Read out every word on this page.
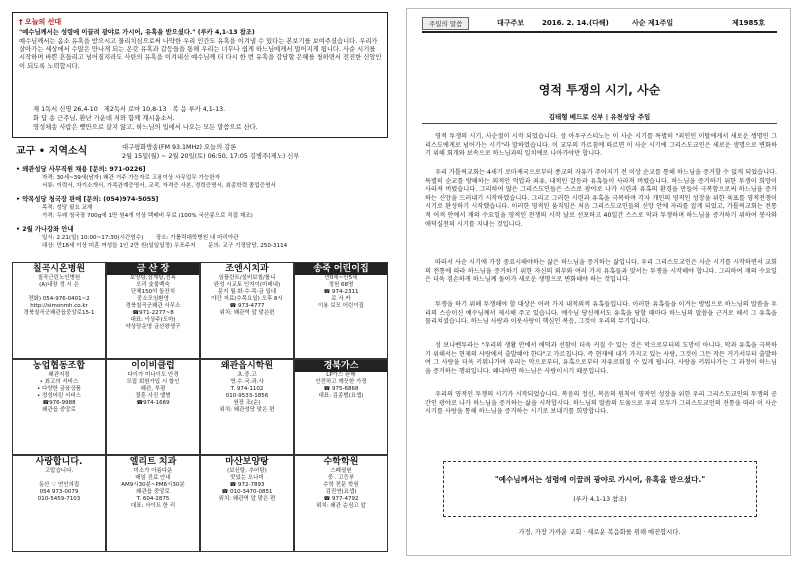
† 오늘의 선대
"예수님께서는 성령에 이끌려 광야로 가시어, 유혹을 받으셨다." (루카 4,1-13 참조)
예수님께서는 옴소 유혹을 받으시고 물리치심으로써 나약한 우리 인간도 유혹을 이겨낼 수 있다는 본보기를 보여주셨습니다. 우리가 살아가는 세상에서 수많은 만나게 되는 온갖 유혹과 갈등들을 통해 우리는 너무나 쉽게 하느님에게서 멀어지게 됩니다. 사순 시기를 시작하며 바쁜 흔들리고 넘어질지라도 사탄의 유혹을 이겨내신 예수님께 더 다시 한 번 유혹을 감당할 은혜를 청하면서 전진한 신앙인이 되도록 노력합시다.
제 1독서 신명 26,4-10   제2독서 로마 10,8-13   복 음 루카 4,1-13.
화 답 송 근주님, 환난 가운데 저와 함께 계시옵소서.
영성체송 사람은 빵만으로 살지 않고, 하느님의 입에서 나오는 모든 말씀으로 산다.
교구 • 지역소식	대구평화방송(FM 93.1MHz) 오늘의 강론
2월 15일(월) ~ 2월 20일(토) 06:50, 17:05 김병주(제노) 신부
• 왜관성당 사무직원 채용 [문의: 971-0226]
자격: 30세~39세(남자) 왜관 거주 가능자로 고용이상 사무업무 가능한자
서류: 이력서, 자기소개서, 가족관계증명서, 교적, 자격증 사본, 경력증명서, 최종학력 졸업증명서
• 약목성당 청국장 판매 [문의: (054)974-5055]
목적: 성당 필요 교재
가격: 두레 청국장 700g에 1만 원4개 이상 택배비 무료 (100% 국산콩으로 직접 제조)
• 2월 가나강좌 안내
일시: 2.21(일) 10:00~17:30(시간엄수)       장소: 가톨릭대학병원 내 마리아관
대상: 만18세 이상 미혼 여성들 1인 2만 원(일일일정) 우포주저       문의: 교구 기정담당, 250-3114
칠곡시온병원
칠곡근린노인병원
(A)내장 정 시 은

전화) 054-976-0401~2
http://simonmh.co.kr
경북칠곡군왜관읍중앙로15-1
금 산 장
보양탕,삼계탕,전복
오리 숯불백숙
단체150석 돌잔치
중소모임환영
경북칠곡군왜관 사무소
☎971-2277~8
대표: 이상주(도마)
약상당운영 금산왕생구
조엔시치과
임플란트/설비보철/틀니
완성 시교토 인지이(미래내)
문지 월·화·수·목·금 일대
야간 저료(수목요일) 오후 8시
☎ 973-4777
위치: 왜관역 앞 맞은편
송죽 어린이집
만0세~만5세
정원 68명
☎ 974-2311
로 사 카
이용 보모 어린이집
농업협동조합
왜관지점
• 최고의 서비스
• 다양한 금융상품
• 정성어린 서비스
☎976-9988
왜관읍 중앙로
이이비클럽
다이가 미나이도 안경
모집 회원가입 시 할인
왜관, 부평
결혼 사진 앨범
☎974-1669
왜관읍시학원
초.중.고
영.수.국.과.사
T. 974-1102
010-9533-1856
원장 조(순)
위치: 왜관성당 맞은 편
경북가스
LP가스 판매
안전하고 깨끗한 가정
☎ 975-6868
대표: 김종범(요셉)
사랑합니다.
고맙습니다.

동산 ♡ 연인의집
054 973-0079
010-5459-7103
엘리트 치과
미소가 아름다운
매일 진료 안내
AM9시30분~PM6시30분
왜관읍 중앙로
T. 604-2875
대표: 사이트 한 리
마산보양탕
(보신탕, 추어탕)
맛있는 오나미
☎ 972-7893
☎ 010-3470-0851
위치: 왜관역 앞 맞은 편
수학학원
스페셜원
중 . 고등부
수학 전문 학원
김진연(요셉)
☎ 977-4792
위치: 왜관 순심고 앞
주일의 말씀	대구주보	2016. 2. 14.(다해)	사순 제1주일	제1985호
영적 투쟁의 시기, 사순
김태형 베드로 신부 | 유천성당 주임
영적 투쟁의 시기, 사순절이 시작 되었습니다. 성 아우구스티노는 이 사순 시기를 특별히 "죄인인 이탈에게서 새로운 생명인 그리스도에게로 넘어가는 시기"라 말하였습니다. 이 교부의 가르침에 따르면 이 사순 시기에 그리스도교인은 새로운 생명으로 변화하기 위해 회개와 보속으로 하느님과의 일치에로 나아가야만 합니다.
우리 가톨릭교회는 4세기 로마제국으로부터 종교의 자유가 주어지기 전 이상 순교를 통해 하느님을 증거할 수 없게 되었습니다. 특별히 순교를 방해하는 외적인 억압과 죄유, 내적인 갈등과 유혹들이 사라져 버렸습니다. 하느님을 증거하기 위한 투쟁이 희망이 사라져 버렸습니다. 그리하여 많은 그리스도인들은 스스로 광야로 나가 시련과 유혹의 환경을 만들어 극복함으로써 하느님을 증거하는 신앙을 드러내기 시작하였습니다. 그리고 그러한 시련과 유혹을 극복하며 각자 개인의 영적인 성장을 위한 육표를 영적전쟁이 시기로 완성하기 시작했습니다. 이러한 영적인 움직임은 처음 그리스도교인들의 신앙 안에 자리를 잡게 되었고, 가톨릭교회는 전통적 어져 안에서 재의 수요일을 영적인 전쟁의 시작 날로 선포하고 40일간 스스로 악과 투쟁하며 하느님을 증거하기 위하여 봉사와 애덕실천의 시기를 지내는 것입니다.
따라서 사순 시기에 가장 중요시해야하는 삶은 하느님을 증거하는 삶입니다. 우리 그리스도교인은 사순 시기를 시작하면서 교회의 전통에 따라 하느님을 증거하기 위한 자신의 외부와 여러 가지 유혹들과 맞서는 투쟁을 시작해야 합니다. 그리하여 재의 수요일은 더욱 겸손하게 하느님께 돌아가 새로운 생명으로 변화해야 하는 것입니다.
투쟁을 하기 위해 투쟁해야 할 대상은 어려 가지 내적외적 유혹들입니다. 이러한 유혹들을 이겨는 방법으로 하느님의 말씀을 우리의 스승이신 예수님께서 제시해 주고 있습니다. 예수님 당신께서도 유혹을 당할 때마다 하느님의 말씀을 근거로 해서 그 유혹을 물리치셨습니다. 하느님 사랑과 이웃사랑이 핵심인 복음, 그것이 우리의 무기입니다.
성 보나벤투라는 "우리의 생활 안에서 애덕과 선함이 더욱 커질 수 있는 것은 악으로부터의 도망이 아니다. 악과 유혹을 극복하기 위해서는 현재의 사랑에서 출발해야 한다"고 가르칩니다. 즉 현재에 내가 가지고 있는 사랑, 그것이 그든 작든 거기서부터 출발하여 그 사랑을 더욱 키워나가며 우리는 악으로부터, 유혹으로부터 자유로워질 수 있게 됩니다. 사랑을 키워나가는 그 과정이 하느님을 증거하는 행위입니다. 왜냐하면 하느님은 사랑이시기 때문입니다.
우리의 영적인 투쟁의 시기가 시작되었습니다. 복음의 정신, 복음의 원칙이 영적인 성장을 위한 우리 그리스도교인의 투쟁의 공간인 광야로 나가 하느님을 증거하는 삶을 시작합시다. 하느님의 말씀의 도움으로 우리 모두가 그리스도교인의 전통을 따라 이 사순 시기를 사랑을 통해 하느님을 증거하는 시기로 보내기를 희망합니다.
"예수님께서는 성령에 이끌려 광야로 가시어, 유혹을 받으셨다."
(루카 4,1-13 참조)
가정, 가장 가까운 교회 · 새로운 복음화를 위해 매진합시다.
